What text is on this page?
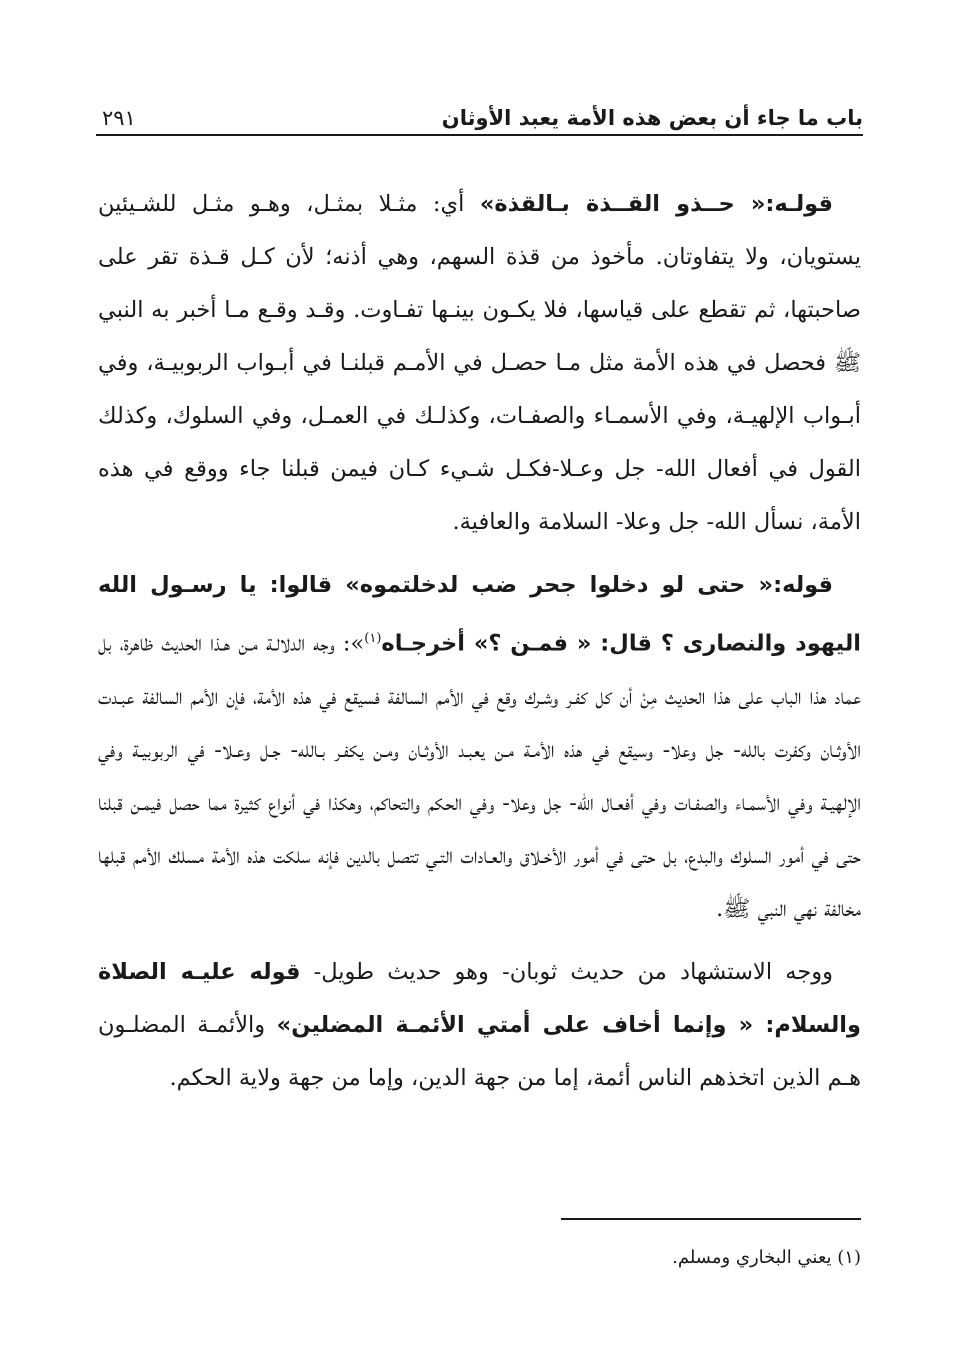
باب ما جاء أن بعض هذه الأمة يعبد الأوثان
٢٩١

قولـه:« حــذو القــذة بـالقذة» أي: مثـلا بمثـل، وهـو مثـل للشـيئين يستويان، ولا يتفاوتان. مأخوذ من قذة السهم، وهي أذنه؛ لأن كـل قـذة تقر على صاحبتها، ثم تقطع على قياسها، فلا يكـون بينـها تفـاوت. وقـد وقـع مـا أخبر به النبي ﷺ فحصل في هذه الأمة مثل مـا حصـل في الأمـم قبلنـا في أبـواب الربوبيـة، وفي أبـواب الإلهيـة، وفي الأسمـاء والصفـات، وكذلـك في العمـل، وفي السلوك، وكذلك القول في أفعال الله- جل وعـلا-فكـل شـيء كـان فيمن قبلنا جاء ووقع في هذه الأمة، نسأل الله- جل وعلا- السلامة والعافية.

قوله:« حتى لو دخلوا جحر ضب لدخلتموه» قالوا: يا رسـول الله اليهود والنصارى ؟ قال: « فمـن ؟» أخرجـاه$^{(١)}$»: وجه الدلالـة مـن هـذا الحديث ظاهرة، بل عماد هذا الباب على هذا الحديث مِنْ أن كل كفـر وشـرك وقع في الأمم السالفة فسيقع في هذه الأمة، فإن الأمم السالفة عبـدت الأوثـان وكفرت بالله- جل وعلا- وسيقع في هذه الأمـة مـن يعبـد الأوثـان ومـن يكفـر بـالله- جـل وعـلا- في الربوبيـة وفي الإلهيـة وفي الأسمـاء والصفـات وفي أفعـال الله- جل وعلا- وفي الحكم والتحاكم، وهكذا في أنواع كثيرة مما حصل فيمـن قبلنا حتى في أمور السلوك والبدع، بل حتى في أمور الأخـلاق والعـادات التـي تتصل بالدين فإنه سلكت هذه الأمة مسلك الأمم قبلها مخالفة نهي النبي ﷺ.

ووجه الاستشهاد من حديث ثوبان- وهو حديث طويل- قوله عليـه الصلاة والسلام: « وإنما أخاف على أمتي الأئمـة المضلين» والأئمـة المضلـون هـم الذين اتخذهم الناس أئمة، إما من جهة الدين، وإما من جهة ولاية الحكم.

(١) يعني البخاري ومسلم.
